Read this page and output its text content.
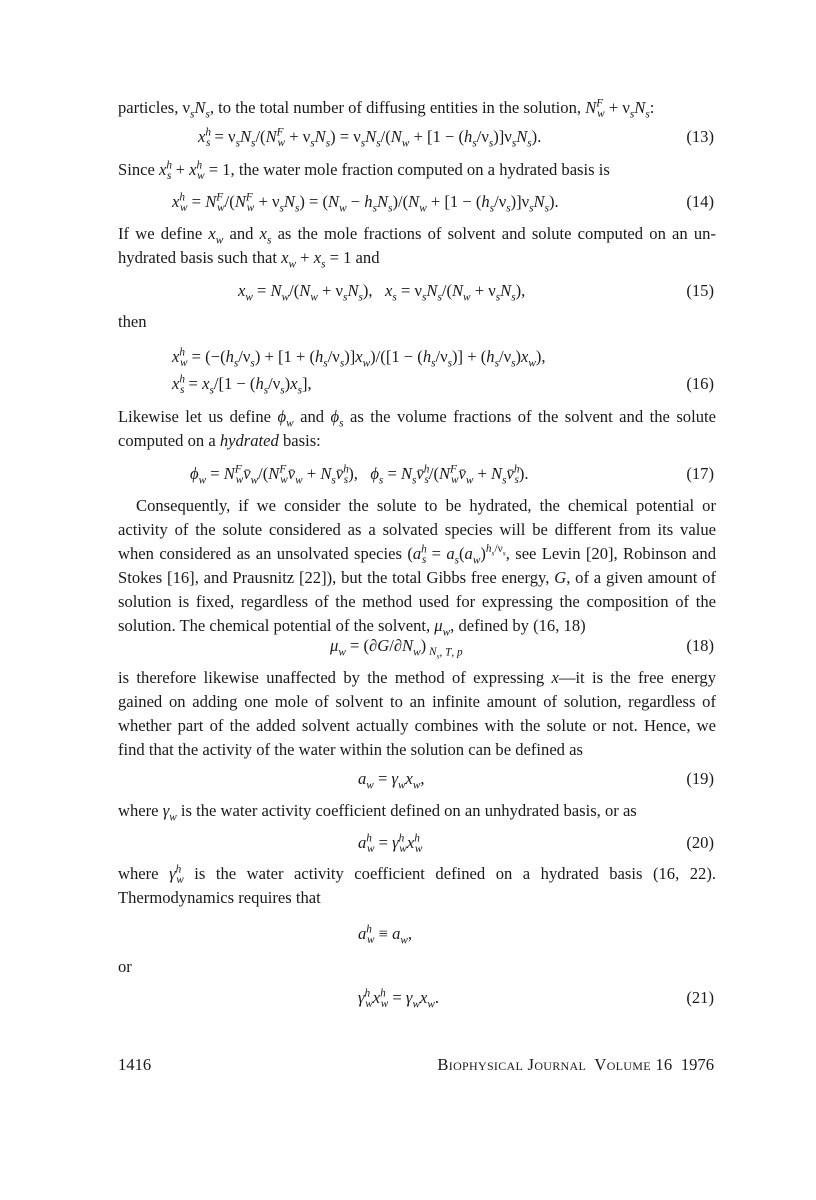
particles, $\nu_sN_s$, to the total number of diffusing entities in the solution, $N^F_w + \nu_sN_s$:
$x^h_s = \nu_sN_s/(N^F_w + \nu_sN_s) = \nu_sN_s/(N_w + [1 - (h_s/\nu_s)]\nu_sN_s)$.	(13)
Since $x^h_s + x^h_w = 1$, the water mole fraction computed on a hydrated basis is
$x^h_w = N^F_w/(N^F_w + \nu_sN_s) = (N_w - h_sN_s)/(N_w + [1 - (h_s/\nu_s)]\nu_sN_s)$.	(14)
If we define $x_w$ and $x_s$ as the mole fractions of solvent and solute computed on an un-hydrated basis such that $x_w + x_s = 1$ and
$x_w = N_w/(N_w + \nu_sN_s)$,   $x_s = \nu_sN_s/(N_w + \nu_sN_s)$,	(15)
then
$x^h_w = (-(h_s/\nu_s) + [1 + (h_s/\nu_s)]x_w)/([1 - (h_s/\nu_s)] + (h_s/\nu_s)x_w)$,
$x^h_s = x_s/[1 - (h_s/\nu_s)x_s]$,	(16)
Likewise let us define $\phi_w$ and $\phi_s$ as the volume fractions of the solvent and the solute computed on a hydrated basis:
$\phi_w$ = $N^F_wv̄_w/(N^F_wv̄_w$ + $N_sv̄^h_s$),   $\phi_s$ = $N_sv̄^h_s/(N^F_wv̄_w$ + $N_sv̄^h_s$).	(17)
Consequently, if we consider the solute to be hydrated, the chemical potential or activity of the solute considered as a solvated species will be different from its value when considered as an unsolvated species ($a^h_s = a_s(a_w)^{h_s/\nu_s}$, see Levin [20], Robinson and Stokes [16], and Prausnitz [22]), but the total Gibbs free energy, G, of a given amount of solution is fixed, regardless of the method used for expressing the composition of the solution. The chemical potential of the solvent, $\mu_w$, defined by (16, 18)
$\mu_w = (\partial G/\partial N_w)$ $_{N_s, T, p}$	(18)
is therefore likewise unaffected by the method of expressing x—it is the free energy gained on adding one mole of solvent to an infinite amount of solution, regardless of whether part of the added solvent actually combines with the solute or not. Hence, we find that the activity of the water within the solution can be defined as
$a_w = \gamma_wx_w$,	(19)
where $\gamma_w$ is the water activity coefficient defined on an unhydrated basis, or as
$a^h_w = \gamma^h_wx^h_w$	(20)
where $\gamma^h_w$ is the water activity coefficient defined on a hydrated basis (16, 22). Thermodynamics requires that
$a^h_w \equiv a_w$,
or
$\gamma^h_wx^h_w = \gamma_wx_w$.	(21)
1416	Biophysical Journal Volume 16 1976
